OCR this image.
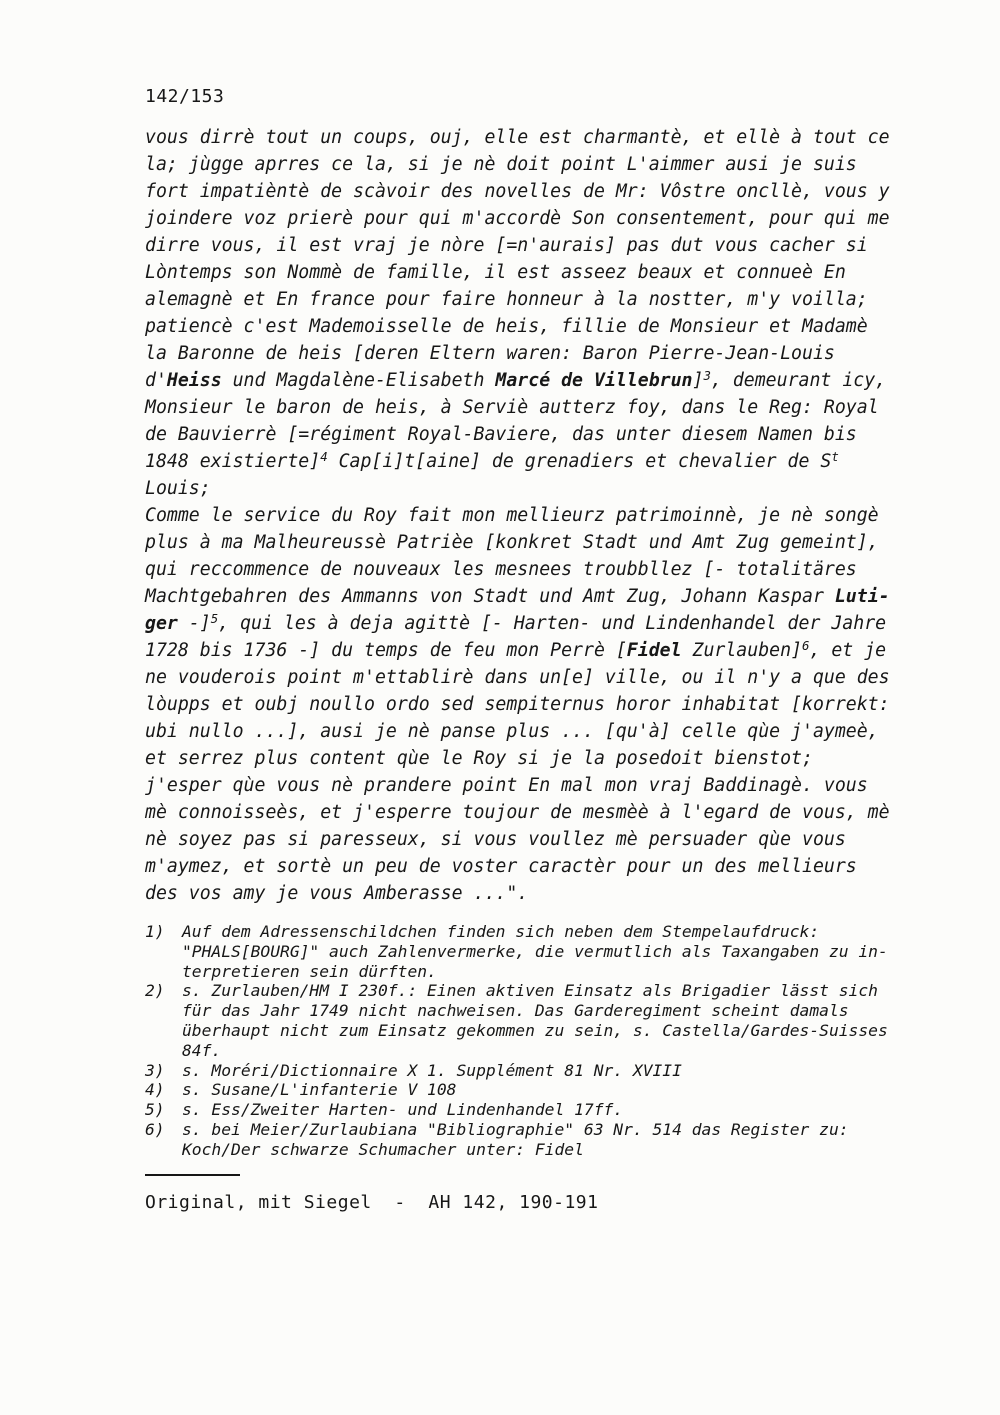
142/153
vous dirrè tout un coups, ouj, elle est charmantè, et ellè à tout ce
la; jùgge aprres ce la, si je nè doit point L'aimmer ausi je suis
fort impatièntè de scàvoir des novelles de Mr: Vôstre oncllè, vous y
joindere voz prierè pour qui m'accordè Son consentement, pour qui me
dirre vous, il est vraj je nòre [=n'aurais] pas dut vous cacher si
Lòntemps son Nommè de famille, il est asseez beaux et connueè En
alemagnè et En france pour faire honneur à la nostter, m'y voilla;
patiencè c'est Mademoisselle de heis, fillie de Monsieur et Madamè
la Baronne de heis [deren Eltern waren: Baron Pierre-Jean-Louis
d'Heiss und Magdalène-Elisabeth Marcé de Villebrun]$^3$, demeurant icy,
Monsieur le baron de heis, à Serviè autterz foy, dans le Reg: Royal
de Bauvierrè [=régiment Royal-Baviere, das unter diesem Namen bis
1848 existierte]$^4$ Cap[i]t[aine] de grenadiers et chevalier de $S^t$
Louis;
Comme le service du Roy fait mon mellieurz patrimoinnè, je nè songè
plus à ma Malheureussè Patrièe [konkret Stadt und Amt Zug gemeint],
qui reccommence de nouveaux les mesnees troubbllez [- totalitäres
Machtgebahren des Ammanns von Stadt und Amt Zug, Johann Kaspar Luti-
ger -]$^5$, qui les à deja agittè [- Harten- und Lindenhandel der Jahre
1728 bis 1736 -] du temps de feu mon Perrè [Fidel Zurlauben]$^6$, et je
ne vouderois point m'ettablirè dans un[e] ville, ou il n'y a que des
lòupps et oubj noullo ordo sed sempiternus horor inhabitat [korrekt:
ubi nullo ...], ausi je nè panse plus ... [qu'à] celle qùe j'aymeè,
et serrez plus content qùe le Roy si je la posedoit bienstot;
j'esper qùe vous nè prandere point En mal mon vraj Baddinagè. vous
mè connoisseès, et j'esperre toujour de mesmèè à l'egard de vous, mè
nè soyez pas si paresseux, si vous voullez mè persuader qùe vous
m'aymez, et sortè un peu de voster caractèr pour un des mellieurs
des vos amy je vous Amberasse ...".
1)	Auf dem Adressenschildchen finden sich neben dem Stempelaufdruck:
"PHALS[BOURG]" auch Zahlenvermerke, die vermutlich als Taxangaben zu in-
terpretieren sein dürften.
2)	s. Zurlauben/HM I 230f.: Einen aktiven Einsatz als Brigadier lässt sich
für das Jahr 1749 nicht nachweisen. Das Garderegiment scheint damals
überhaupt nicht zum Einsatz gekommen zu sein, s. Castella/Gardes-Suisses
84f.
3)	s. Moréri/Dictionnaire X 1. Supplément 81 Nr. XVIII
4)	s. Susane/L'infanterie V 108
5)	s. Ess/Zweiter Harten- und Lindenhandel 17ff.
6)	s. bei Meier/Zurlaubiana "Bibliographie" 63 Nr. 514 das Register zu:
Koch/Der schwarze Schumacher unter: Fidel
Original, mit Siegel  -  AH 142, 190-191
